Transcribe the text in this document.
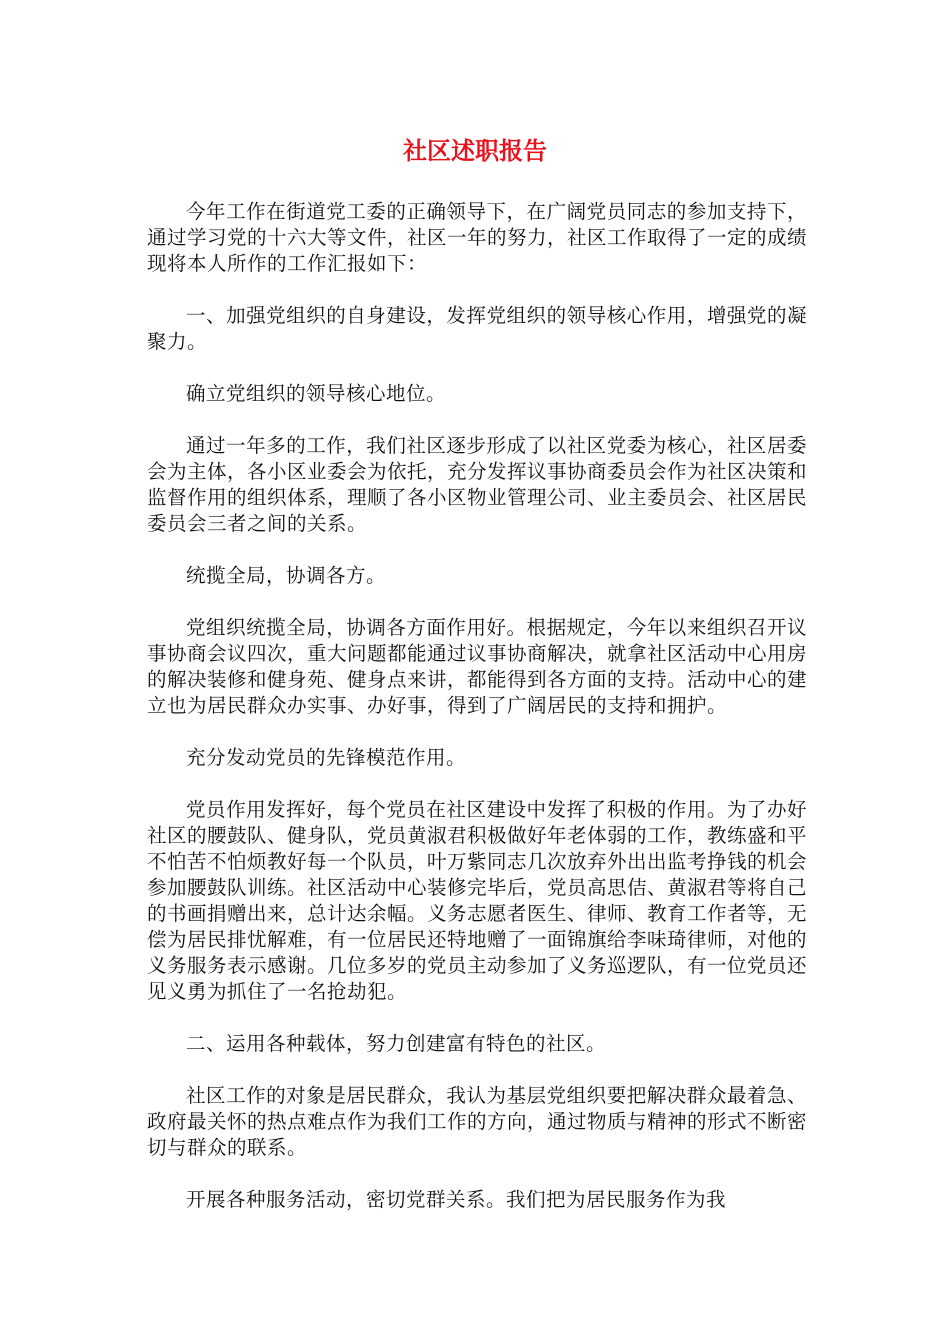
社区述职报告

今年工作在街道党工委的正确领导下，在广阔党员同志的参加支持下，通过学习党的十六大等文件，社区一年的努力，社区工作取得了一定的成绩现将本人所作的工作汇报如下：

一、加强党组织的自身建设，发挥党组织的领导核心作用，增强党的凝聚力。

确立党组织的领导核心地位。

通过一年多的工作，我们社区逐步形成了以社区党委为核心，社区居委会为主体，各小区业委会为依托，充分发挥议事协商委员会作为社区决策和监督作用的组织体系，理顺了各小区物业管理公司、业主委员会、社区居民委员会三者之间的关系。

统揽全局，协调各方。

党组织统揽全局，协调各方面作用好。根据规定，今年以来组织召开议事协商会议四次，重大问题都能通过议事协商解决，就拿社区活动中心用房的解决装修和健身苑、健身点来讲，都能得到各方面的支持。活动中心的建立也为居民群众办实事、办好事，得到了广阔居民的支持和拥护。

充分发动党员的先锋模范作用。

党员作用发挥好，每个党员在社区建设中发挥了积极的作用。为了办好社区的腰鼓队、健身队，党员黄淑君积极做好年老体弱的工作，教练盛和平不怕苦不怕烦教好每一个队员，叶万紫同志几次放弃外出出监考挣钱的机会参加腰鼓队训练。社区活动中心装修完毕后，党员高思佶、黄淑君等将自己的书画捐赠出来，总计达余幅。义务志愿者医生、律师、教育工作者等，无偿为居民排忧解难，有一位居民还特地赠了一面锦旗给李味琦律师，对他的义务服务表示感谢。几位多岁的党员主动参加了义务巡逻队，有一位党员还见义勇为抓住了一名抢劫犯。

二、运用各种载体，努力创建富有特色的社区。

社区工作的对象是居民群众，我认为基层党组织要把解决群众最着急、政府最关怀的热点难点作为我们工作的方向，通过物质与精神的形式不断密切与群众的联系。

开展各种服务活动，密切党群关系。我们把为居民服务作为我
